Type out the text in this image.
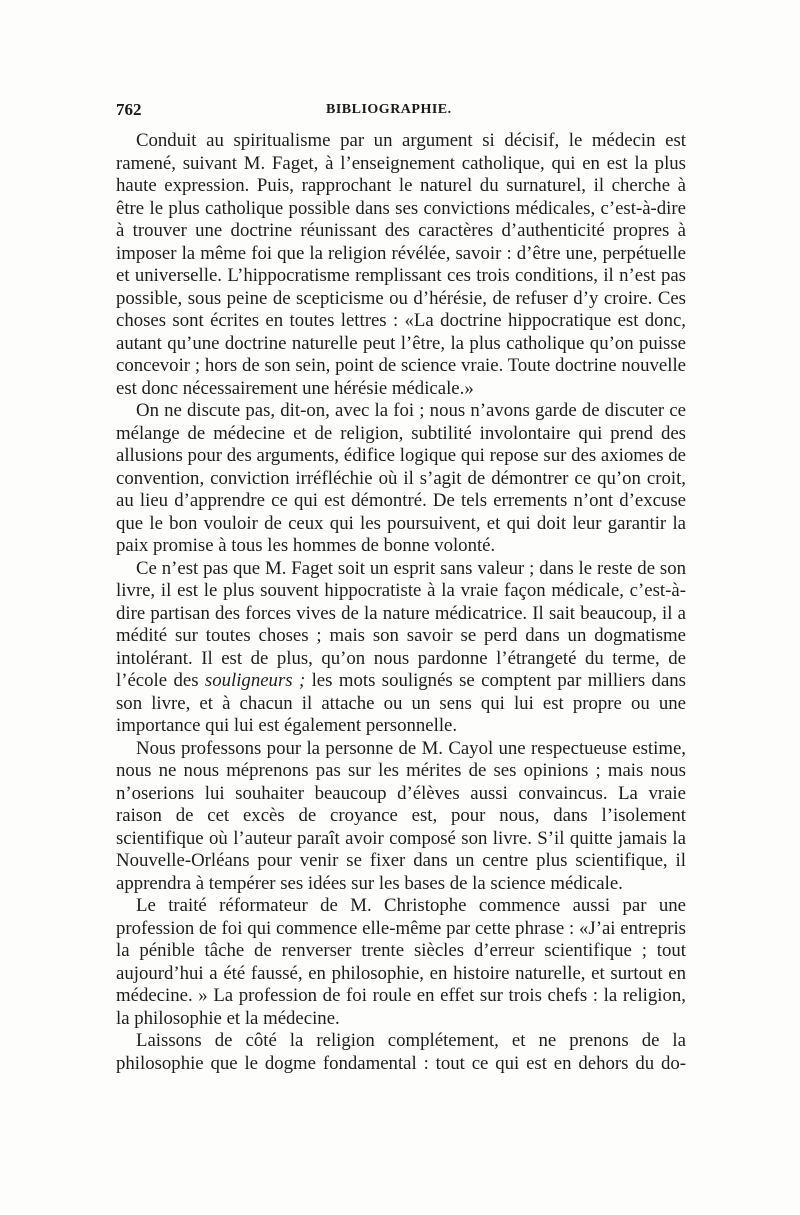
762	BIBLIOGRAPHIE.

Conduit au spiritualisme par un argument si décisif, le médecin est ramené, suivant M. Faget, à l’enseignement catholique, qui en est la plus haute expression. Puis, rapprochant le naturel du surnaturel, il cherche à être le plus catholique possible dans ses convictions médicales, c’est-à-dire à trouver une doctrine réunissant des caractères d’authenticité propres à imposer la même foi que la religion révélée, savoir : d’être une, perpétuelle et universelle. L’hippocratisme remplissant ces trois conditions, il n’est pas possible, sous peine de scepticisme ou d’hérésie, de refuser d’y croire. Ces choses sont écrites en toutes lettres : «La doctrine hippocratique est donc, autant qu’une doctrine naturelle peut l’être, la plus catholique qu’on puisse concevoir ; hors de son sein, point de science vraie. Toute doctrine nouvelle est donc nécessairement une hérésie médicale.»

On ne discute pas, dit-on, avec la foi ; nous n’avons garde de discuter ce mélange de médecine et de religion, subtilité involontaire qui prend des allusions pour des arguments, édifice logique qui repose sur des axiomes de convention, conviction irréfléchie où il s’agit de démontrer ce qu’on croit, au lieu d’apprendre ce qui est démontré. De tels errements n’ont d’excuse que le bon vouloir de ceux qui les poursuivent, et qui doit leur garantir la paix promise à tous les hommes de bonne volonté.

Ce n’est pas que M. Faget soit un esprit sans valeur ; dans le reste de son livre, il est le plus souvent hippocratiste à la vraie façon médicale, c’est-à-dire partisan des forces vives de la nature médicatrice. Il sait beaucoup, il a médité sur toutes choses ; mais son savoir se perd dans un dogmatisme intolérant. Il est de plus, qu’on nous pardonne l’étrangeté du terme, de l’école des souligneurs ; les mots soulignés se comptent par milliers dans son livre, et à chacun il attache ou un sens qui lui est propre ou une importance qui lui est également personnelle.

Nous professons pour la personne de M. Cayol une respectueuse estime, nous ne nous méprenons pas sur les mérites de ses opinions ; mais nous n’oserions lui souhaiter beaucoup d’élèves aussi convaincus. La vraie raison de cet excès de croyance est, pour nous, dans l’isolement scientifique où l’auteur paraît avoir composé son livre. S’il quitte jamais la Nouvelle-Orléans pour venir se fixer dans un centre plus scientifique, il apprendra à tempérer ses idées sur les bases de la science médicale.

Le traité réformateur de M. Christophe commence aussi par une profession de foi qui commence elle-même par cette phrase : «J’ai entrepris la pénible tâche de renverser trente siècles d’erreur scientifique ; tout aujourd’hui a été faussé, en philosophie, en histoire naturelle, et surtout en médecine. » La profession de foi roule en effet sur trois chefs : la religion, la philosophie et la médecine.

Laissons de côté la religion complétement, et ne prenons de la philosophie que le dogme fondamental : tout ce qui est en dehors du do-
